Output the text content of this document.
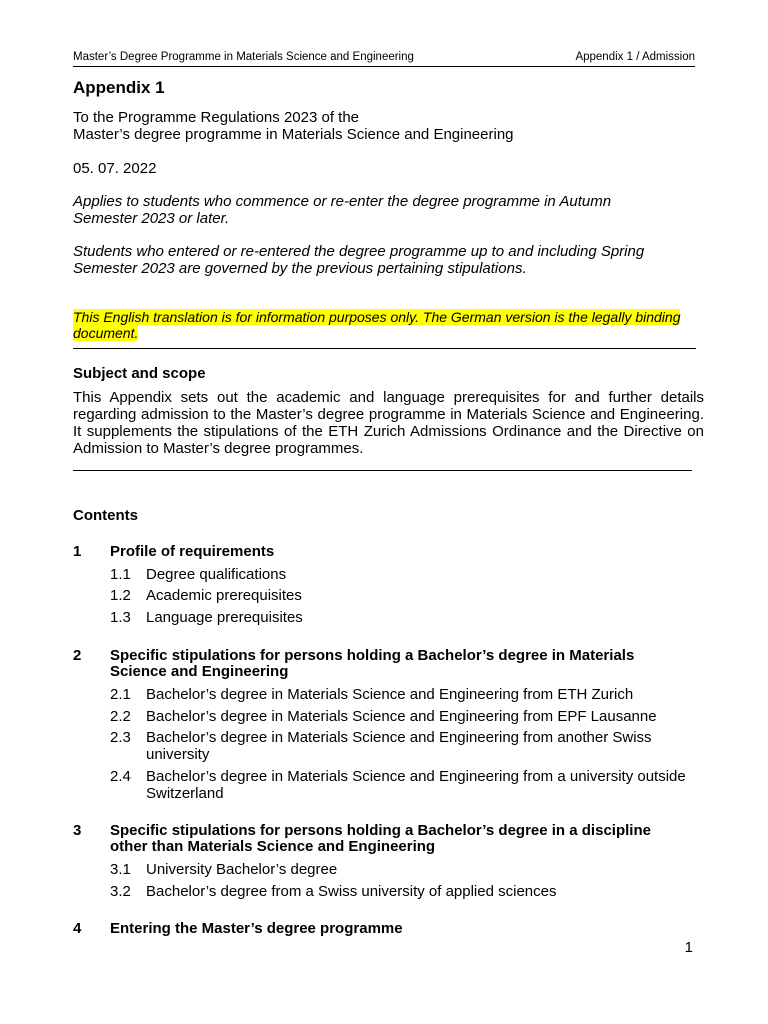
Master’s Degree Programme in Materials Science and Engineering	Appendix 1 / Admission
Appendix 1
To the Programme Regulations 2023 of the
Master’s degree programme in Materials Science and Engineering
05. 07. 2022
Applies to students who commence or re-enter the degree programme in Autumn
Semester 2023 or later.
Students who entered or re-entered the degree programme up to and including Spring
Semester 2023 are governed by the previous pertaining stipulations.
This English translation is for information purposes only. The German version is the legally binding
document.
Subject and scope
This Appendix sets out the academic and language prerequisites for and further details regarding admission to the Master’s degree programme in Materials Science and Engineering. It supplements the stipulations of the ETH Zurich Admissions Ordinance and the Directive on Admission to Master’s degree programmes.
Contents
1	Profile of requirements
1.1 Degree qualifications
1.2 Academic prerequisites
1.3 Language prerequisites
2	Specific stipulations for persons holding a Bachelor’s degree in Materials Science and Engineering
2.1 Bachelor’s degree in Materials Science and Engineering from ETH Zurich
2.2 Bachelor’s degree in Materials Science and Engineering from EPF Lausanne
2.3 Bachelor’s degree in Materials Science and Engineering from another Swiss university
2.4 Bachelor’s degree in Materials Science and Engineering from a university outside Switzerland
3	Specific stipulations for persons holding a Bachelor’s degree in a discipline other than Materials Science and Engineering
3.1 University Bachelor’s degree
3.2 Bachelor’s degree from a Swiss university of applied sciences
4	Entering the Master’s degree programme
1
